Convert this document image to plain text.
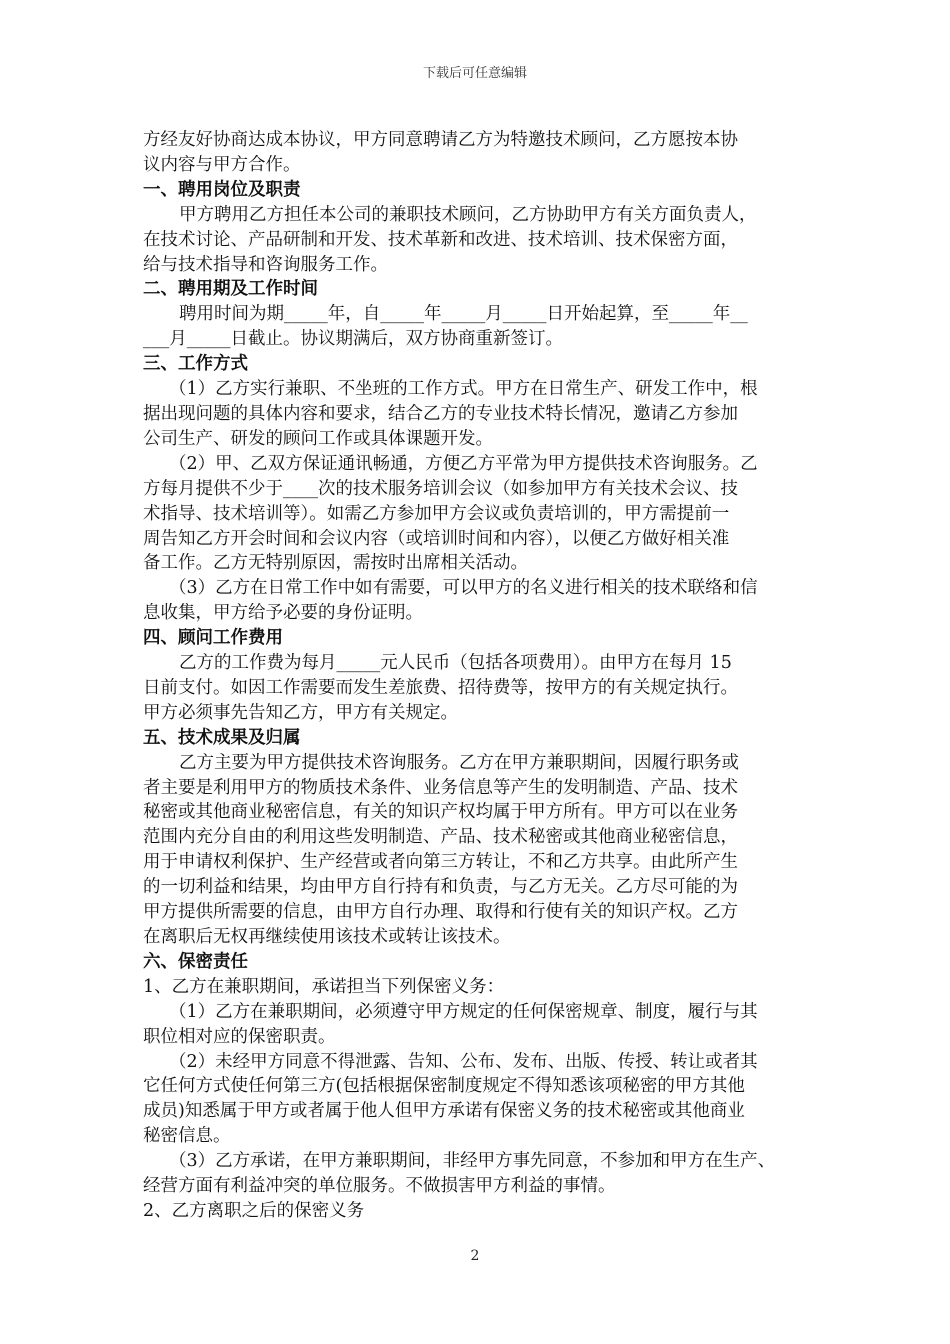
下载后可任意编辑
方经友好协商达成本协议，甲方同意聘请乙方为特邀技术顾问，乙方愿按本协
议内容与甲方合作。
一、聘用岗位及职责
甲方聘用乙方担任本公司的兼职技术顾问，乙方协助甲方有关方面负责人，
在技术讨论、产品研制和开发、技术革新和改进、技术培训、技术保密方面，
给与技术指导和咨询服务工作。
二、聘用期及工作时间
聘用时间为期_____年，自_____年_____月_____日开始起算，至_____年__
___月_____日截止。协议期满后，双方协商重新签订。
三、工作方式
（1）乙方实行兼职、不坐班的工作方式。甲方在日常生产、研发工作中，根
据出现问题的具体内容和要求，结合乙方的专业技术特长情况，邀请乙方参加
公司生产、研发的顾问工作或具体课题开发。
（2）甲、乙双方保证通讯畅通，方便乙方平常为甲方提供技术咨询服务。乙
方每月提供不少于____次的技术服务培训会议（如参加甲方有关技术会议、技
术指导、技术培训等）。如需乙方参加甲方会议或负责培训的，甲方需提前一
周告知乙方开会时间和会议内容（或培训时间和内容），以便乙方做好相关准
备工作。乙方无特别原因，需按时出席相关活动。
（3）乙方在日常工作中如有需要，可以甲方的名义进行相关的技术联络和信
息收集，甲方给予必要的身份证明。
四、顾问工作费用
乙方的工作费为每月_____元人民币（包括各项费用）。由甲方在每月 15
日前支付。如因工作需要而发生差旅费、招待费等，按甲方的有关规定执行。
甲方必须事先告知乙方，甲方有关规定。
五、技术成果及归属
乙方主要为甲方提供技术咨询服务。乙方在甲方兼职期间，因履行职务或
者主要是利用甲方的物质技术条件、业务信息等产生的发明制造、产品、技术
秘密或其他商业秘密信息，有关的知识产权均属于甲方所有。甲方可以在业务
范围内充分自由的利用这些发明制造、产品、技术秘密或其他商业秘密信息，
用于申请权利保护、生产经营或者向第三方转让，不和乙方共享。由此所产生
的一切利益和结果，均由甲方自行持有和负责，与乙方无关。乙方尽可能的为
甲方提供所需要的信息，由甲方自行办理、取得和行使有关的知识产权。乙方
在离职后无权再继续使用该技术或转让该技术。
六、保密责任
1、乙方在兼职期间，承诺担当下列保密义务：
（1）乙方在兼职期间，必须遵守甲方规定的任何保密规章、制度，履行与其
职位相对应的保密职责。
（2）未经甲方同意不得泄露、告知、公布、发布、出版、传授、转让或者其
它任何方式使任何第三方(包括根据保密制度规定不得知悉该项秘密的甲方其他
成员)知悉属于甲方或者属于他人但甲方承诺有保密义务的技术秘密或其他商业
秘密信息。
（3）乙方承诺，在甲方兼职期间，非经甲方事先同意，不参加和甲方在生产、
经营方面有利益冲突的单位服务。不做损害甲方利益的事情。
2、乙方离职之后的保密义务
2
